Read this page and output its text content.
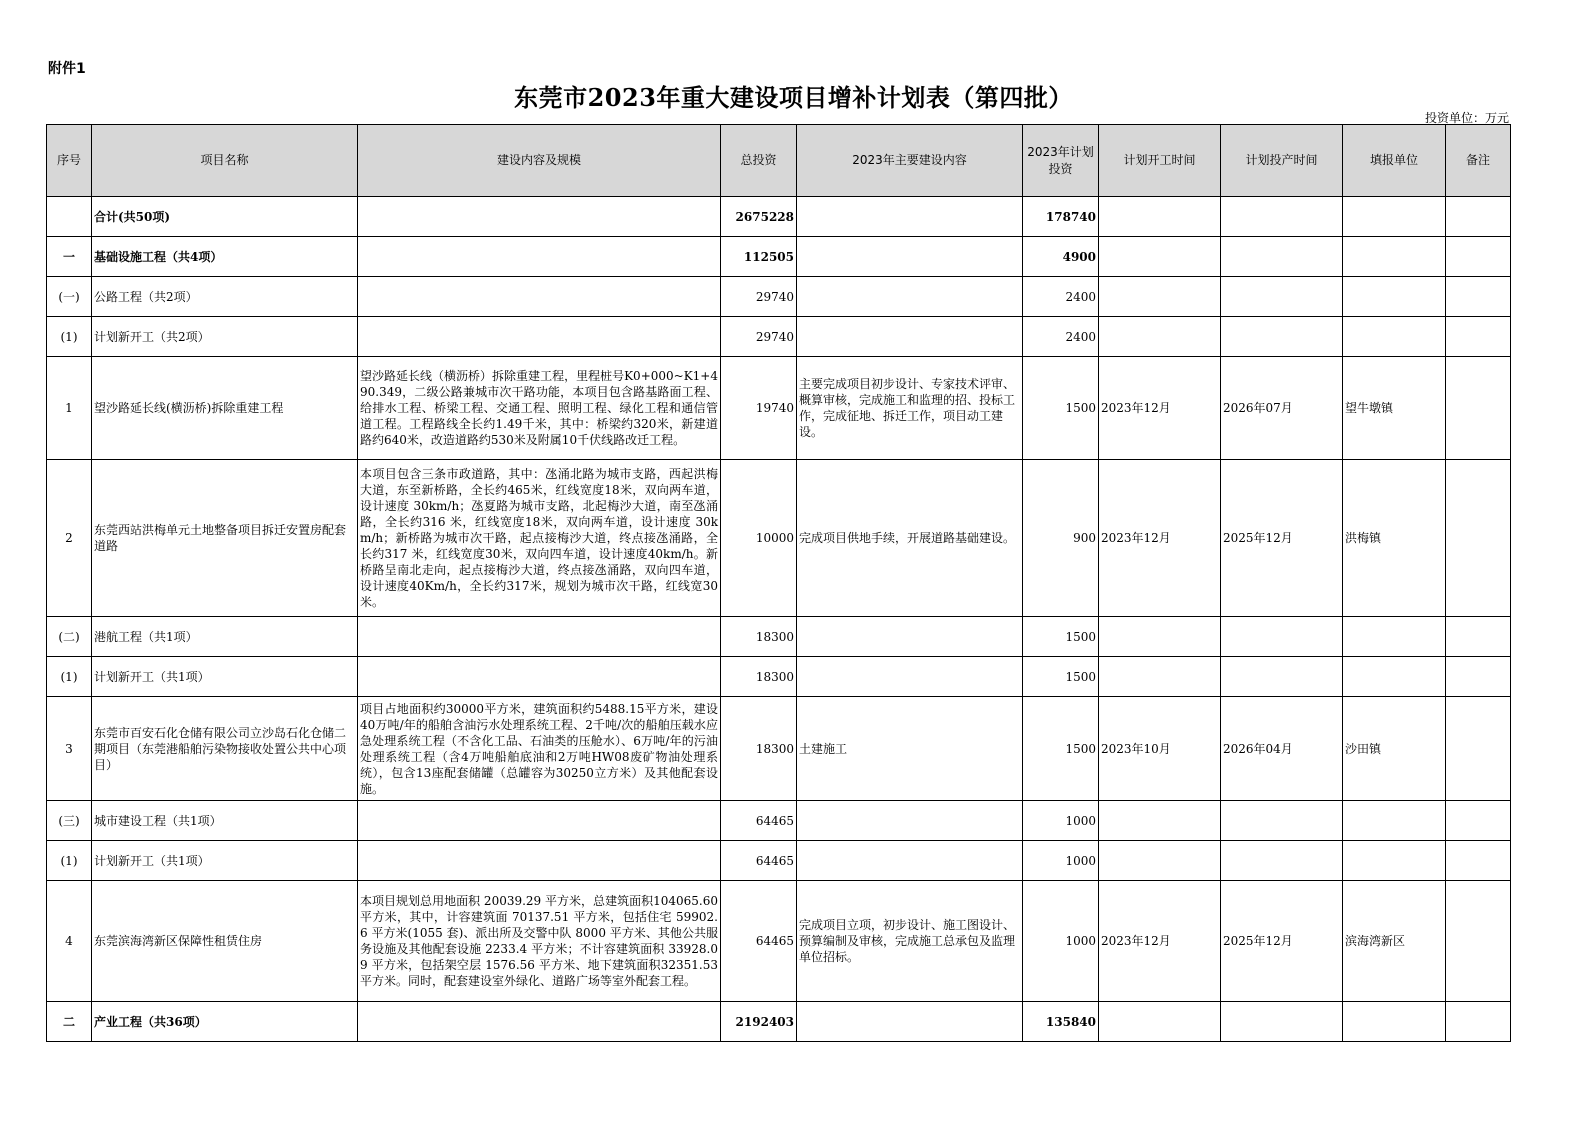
附件1
东莞市2023年重大建设项目增补计划表（第四批）
投资单位：万元
序号	项目名称	建设内容及规模	总投资	2023年主要建设内容	2023年计划投资	计划开工时间	计划投产时间	填报单位	备注
	合计(共50项)		2675228		178740				
一	基础设施工程（共4项）		112505		4900				
(一)	公路工程（共2项）		29740		2400				
(1)	计划新开工（共2项）		29740		2400				
1	望沙路延长线(横沥桥)拆除重建工程	望沙路延长线（横沥桥）拆除重建工程，里程桩号K0+000~K1+490.349，二级公路兼城市次干路功能，本项目包含路基路面工程、给排水工程、桥梁工程、交通工程、照明工程、绿化工程和通信管道工程。工程路线全长约1.49千米，其中：桥梁约320米，新建道路约640米，改造道路约530米及附属10千伏线路改迁工程。	19740	主要完成项目初步设计、专家技术评审、概算审核，完成施工和监理的招、投标工作，完成征地、拆迁工作，项目动工建设。	1500	2023年12月	2026年07月	望牛墩镇	
2	东莞西站洪梅单元土地整备项目拆迁安置房配套道路	本项目包含三条市政道路，其中：氹涌北路为城市支路，西起洪梅大道，东至新桥路，全长约465米，红线宽度18米，双向两车道，设计速度 30km/h；氹夏路为城市支路，北起梅沙大道，南至氹涌路，全长约316 米，红线宽度18米，双向两车道，设计速度 30km/h；新桥路为城市次干路，起点接梅沙大道，终点接氹涌路，全长约317 米，红线宽度30米，双向四车道，设计速度40km/h。新桥路呈南北走向，起点接梅沙大道，终点接氹涌路，双向四车道，设计速度40Km/h，全长约317米，规划为城市次干路，红线宽30 米。	10000	完成项目供地手续，开展道路基础建设。	900	2023年12月	2025年12月	洪梅镇	
(二)	港航工程（共1项）		18300		1500				
(1)	计划新开工（共1项）		18300		1500				
3	东莞市百安石化仓储有限公司立沙岛石化仓储二期项目（东莞港船舶污染物接收处置公共中心项目）	项目占地面积约30000平方米，建筑面积约5488.15平方米，建设40万吨/年的船舶含油污水处理系统工程、2千吨/次的船舶压载水应急处理系统工程（不含化工品、石油类的压舱水）、6万吨/年的污油处理系统工程（含4万吨船舶底油和2万吨HW08废矿物油处理系统），包含13座配套储罐（总罐容为30250立方米）及其他配套设施。	18300	土建施工	1500	2023年10月	2026年04月	沙田镇	
(三)	城市建设工程（共1项）		64465		1000				
(1)	计划新开工（共1项）		64465		1000				
4	东莞滨海湾新区保障性租赁住房	本项目规划总用地面积 20039.29 平方米，总建筑面积104065.60 平方米，其中，计容建筑面 70137.51 平方米，包括住宅 59902.6 平方米(1055 套)、派出所及交警中队 8000 平方米、其他公共服务设施及其他配套设施 2233.4 平方米；不计容建筑面积 33928.09 平方米，包括架空层 1576.56 平方米、地下建筑面积32351.53 平方米。同时，配套建设室外绿化、道路广场等室外配套工程。	64465	完成项目立项，初步设计、施工图设计、预算编制及审核，完成施工总承包及监理单位招标。	1000	2023年12月	2025年12月	滨海湾新区	
二	产业工程（共36项）		2192403		135840				
